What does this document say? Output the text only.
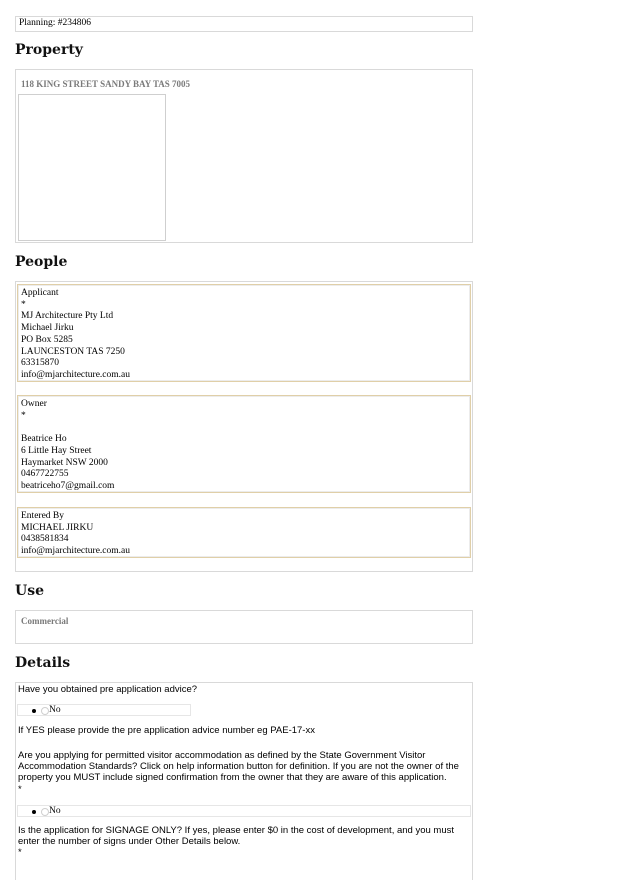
Planning: #234806
Property
118 KING STREET SANDY BAY TAS 7005
People
Applicant
*
MJ Architecture Pty Ltd
Michael Jirku
PO Box 5285
LAUNCESTON TAS 7250
63315870
info@mjarchitecture.com.au
Owner
*
Beatrice Ho
6 Little Hay Street
Haymarket NSW 2000
0467722755
beatriceho7@gmail.com
Entered By
MICHAEL JIRKU
0438581834
info@mjarchitecture.com.au
Use
Commercial
Details
Have you obtained pre application advice?
No
If YES please provide the pre application advice number eg PAE-17-xx
Are you applying for permitted visitor accommodation as defined by the State Government Visitor Accommodation Standards? Click on help information button for definition. If you are not the owner of the property you MUST include signed confirmation from the owner that they are aware of this application.
*
No
Is the application for SIGNAGE ONLY? If yes, please enter $0 in the cost of development, and you must enter the number of signs under Other Details below.
*
